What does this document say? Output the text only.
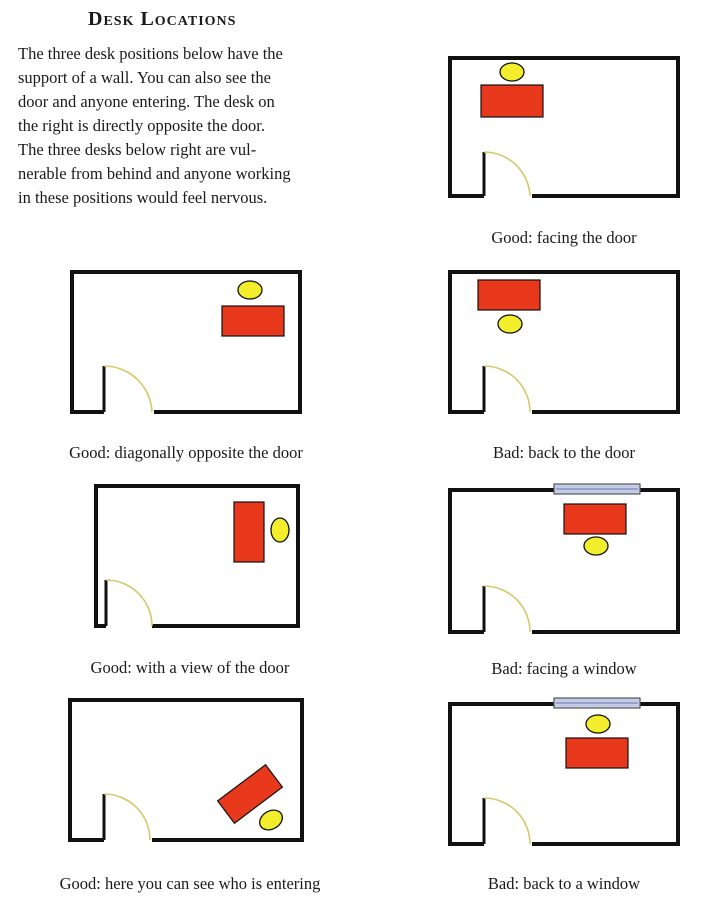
Desk Locations
The three desk positions below have the
support of a wall. You can also see the
door and anyone entering. The desk on
the right is directly opposite the door.
The three desks below right are vul-
nerable from behind and anyone working
in these positions would feel nervous.
Good: facing the door
Good: diagonally opposite the door	Bad: back to the door
Good: with a view of the door	Bad: facing a window
Good: here you can see who is entering	Bad: back to a window
